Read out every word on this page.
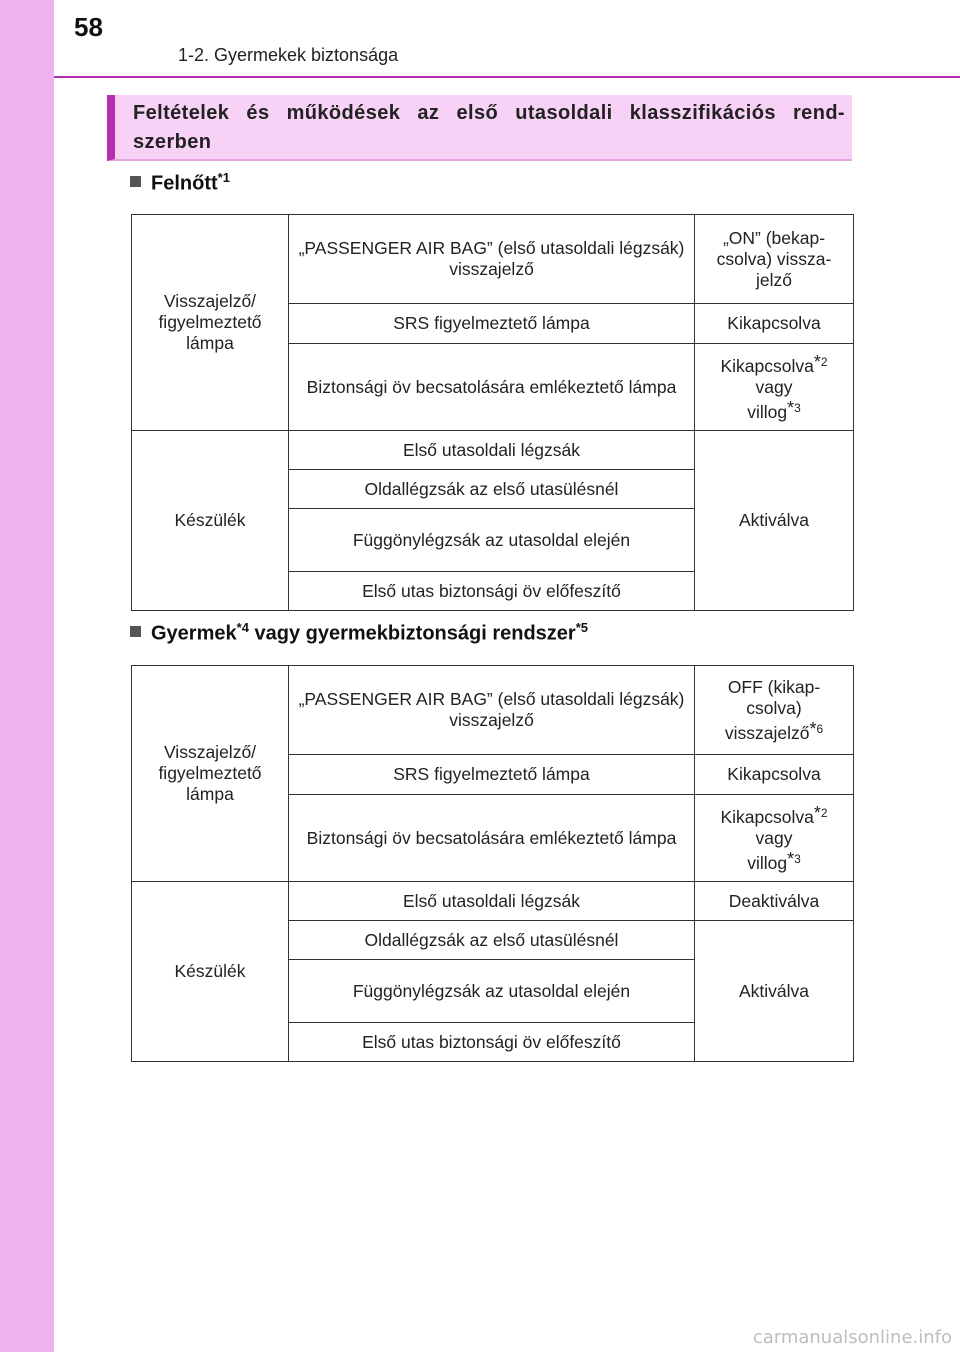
58
1-2. Gyermekek biztonsága
Feltételek és működések az első utasoldali klasszifikációs rend-szerben
Felnőtt$^{*1}$
Visszajelző/ figyelmeztető lámpa	„PASSENGER AIR BAG” (első utasoldali légzsák) visszajelző	„ON” (bekap-csolva) vissza-jelző
	SRS figyelmeztető lámpa	Kikapcsolva
	Biztonsági öv becsatolására emlékeztető lámpa	Kikapcsolva$^{*2}$
vagy
villog$^{*3}$
Készülék	Első utasoldali légzsák	Aktiválva
	Oldallégzsák az első utasülésnél	
	Függönylégzsák az utasoldal elején	
	Első utas biztonsági öv előfeszítő	
Gyermek$^{*4}$ vagy gyermekbiztonsági rendszer$^{*5}$
Visszajelző/ figyelmeztető lámpa	„PASSENGER AIR BAG” (első utasoldali légzsák) visszajelző	OFF (kikap-csolva) visszajelző$^{*6}$
	SRS figyelmeztető lámpa	Kikapcsolva
	Biztonsági öv becsatolására emlékeztető lámpa	Kikapcsolva$^{*2}$
vagy
villog$^{*3}$
Készülék	Első utasoldali légzsák	Deaktiválva
	Oldallégzsák az első utasülésnél	Aktiválva
	Függönylégzsák az utasoldal elején	
	Első utas biztonsági öv előfeszítő	
carmanualsonline.info
